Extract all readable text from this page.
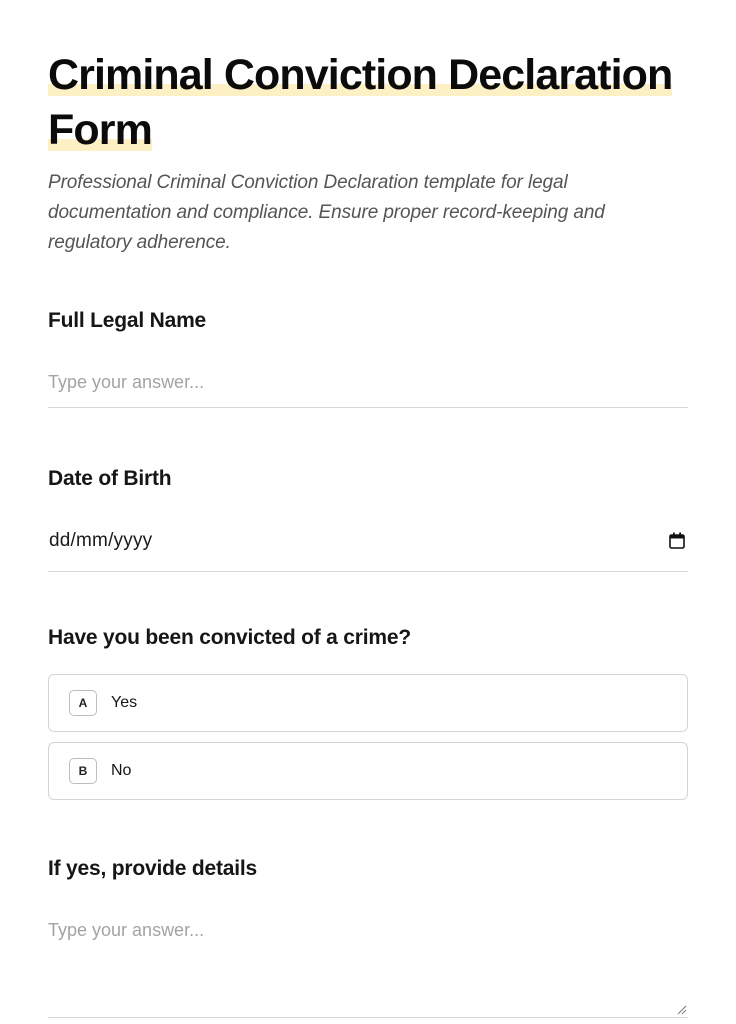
Criminal Conviction Declaration Form

Professional Criminal Conviction Declaration template for legal documentation and compliance. Ensure proper record-keeping and regulatory adherence.

Full Legal Name
Type your answer...
Date of Birth
dd/mm/yyyy
Have you been convicted of a crime?
A	Yes
B	No
If yes, provide details
Type your answer...
